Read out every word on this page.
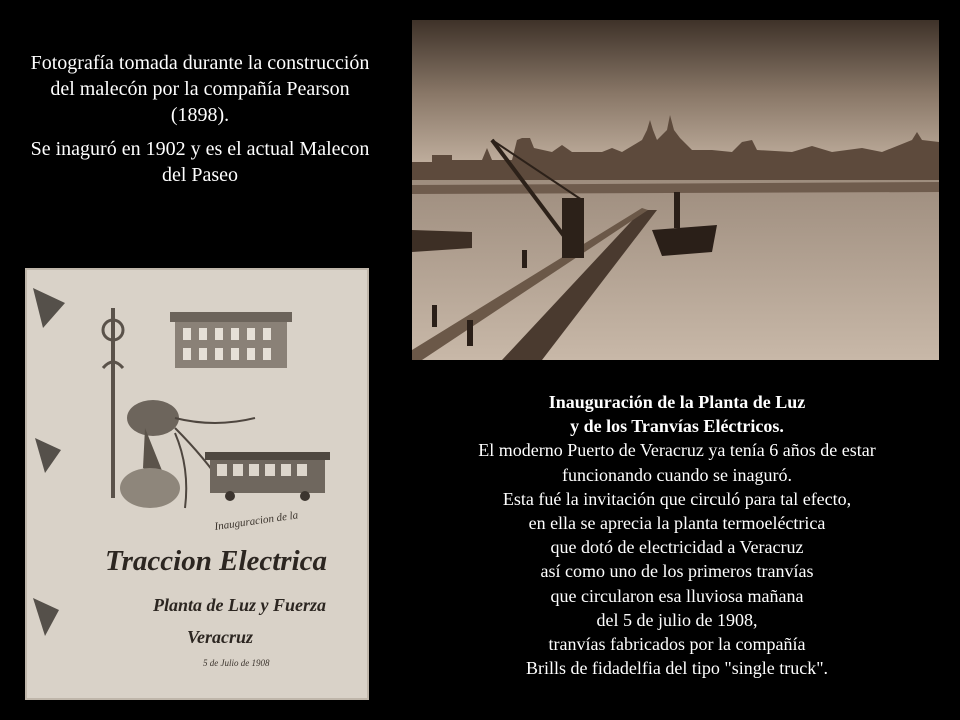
Fotografía tomada durante la construcción del malecón por la compañía Pearson (1898).

Se inaguró en 1902 y es el actual Malecon del Paseo

Inauguracion de la
Traccion Electrica
Planta de Luz y Fuerza
Veracruz
5 de Julio de 1908
Inauguración de la Planta de Luz
y de los Tranvías Eléctricos.
El moderno Puerto de Veracruz ya tenía 6 años de estar
funcionando cuando se inaguró.
Esta fué la invitación que circuló para tal efecto,
en ella se aprecia la planta termoeléctrica
que dotó de electricidad a Veracruz
así como uno de los primeros tranvías
que circularon esa lluviosa mañana
del 5 de julio de 1908,
tranvías fabricados por la compañía
Brills de fidadelfia del tipo "single truck".
